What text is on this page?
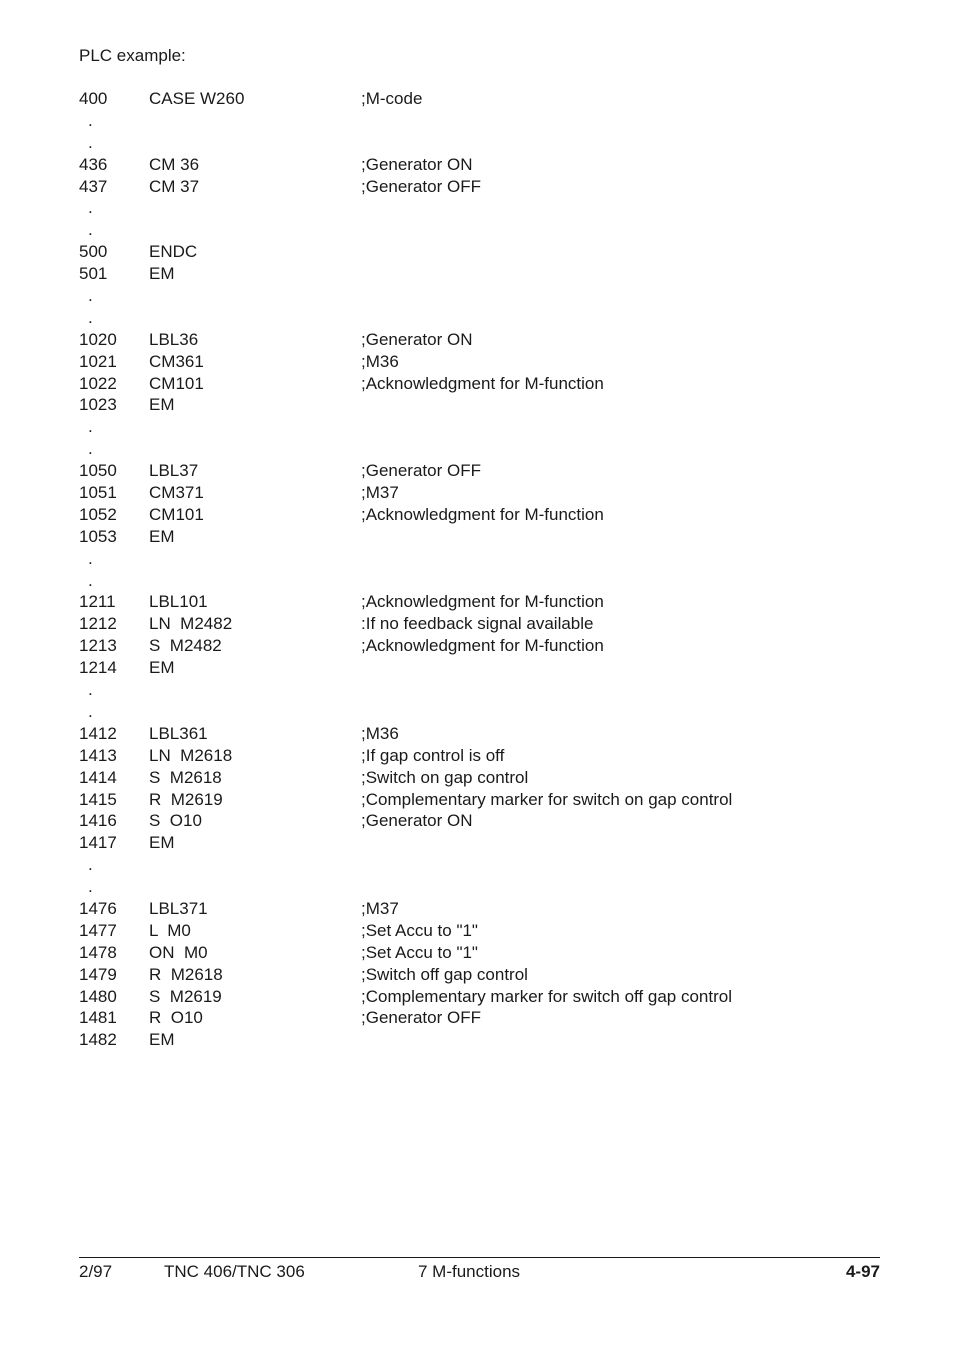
PLC example:
400 CASE W260	;M-code
.
.
436 CM 36	;Generator ON
437 CM 37	;Generator OFF
.
.
500 ENDC
501 EM
.
.
1020 LBL36	;Generator ON
1021 CM361	;M36
1022 CM101	;Acknowledgment for M-function
1023 EM
.
.
1050 LBL37	;Generator OFF
1051 CM371	;M37
1052 CM101	;Acknowledgment for M-function
1053 EM
.
.
1211 LBL101	;Acknowledgment for M-function
1212 LN  M2482	:If no feedback signal available
1213 S  M2482	;Acknowledgment for M-function
1214 EM
.
.
1412 LBL361	;M36
1413 LN  M2618	;If gap control is off
1414 S  M2618	;Switch on gap control
1415 R  M2619	;Complementary marker for switch on gap control
1416 S  O10	;Generator ON
1417 EM
.
.
1476 LBL371	;M37
1477 L  M0	;Set Accu to "1"
1478 ON  M0	;Set Accu to "1"
1479 R  M2618	;Switch off gap control
1480 S  M2619	;Complementary marker for switch off gap control
1481 R  O10	;Generator OFF
1482 EM
2/97	TNC 406/TNC 306	7 M-functions	4-97
